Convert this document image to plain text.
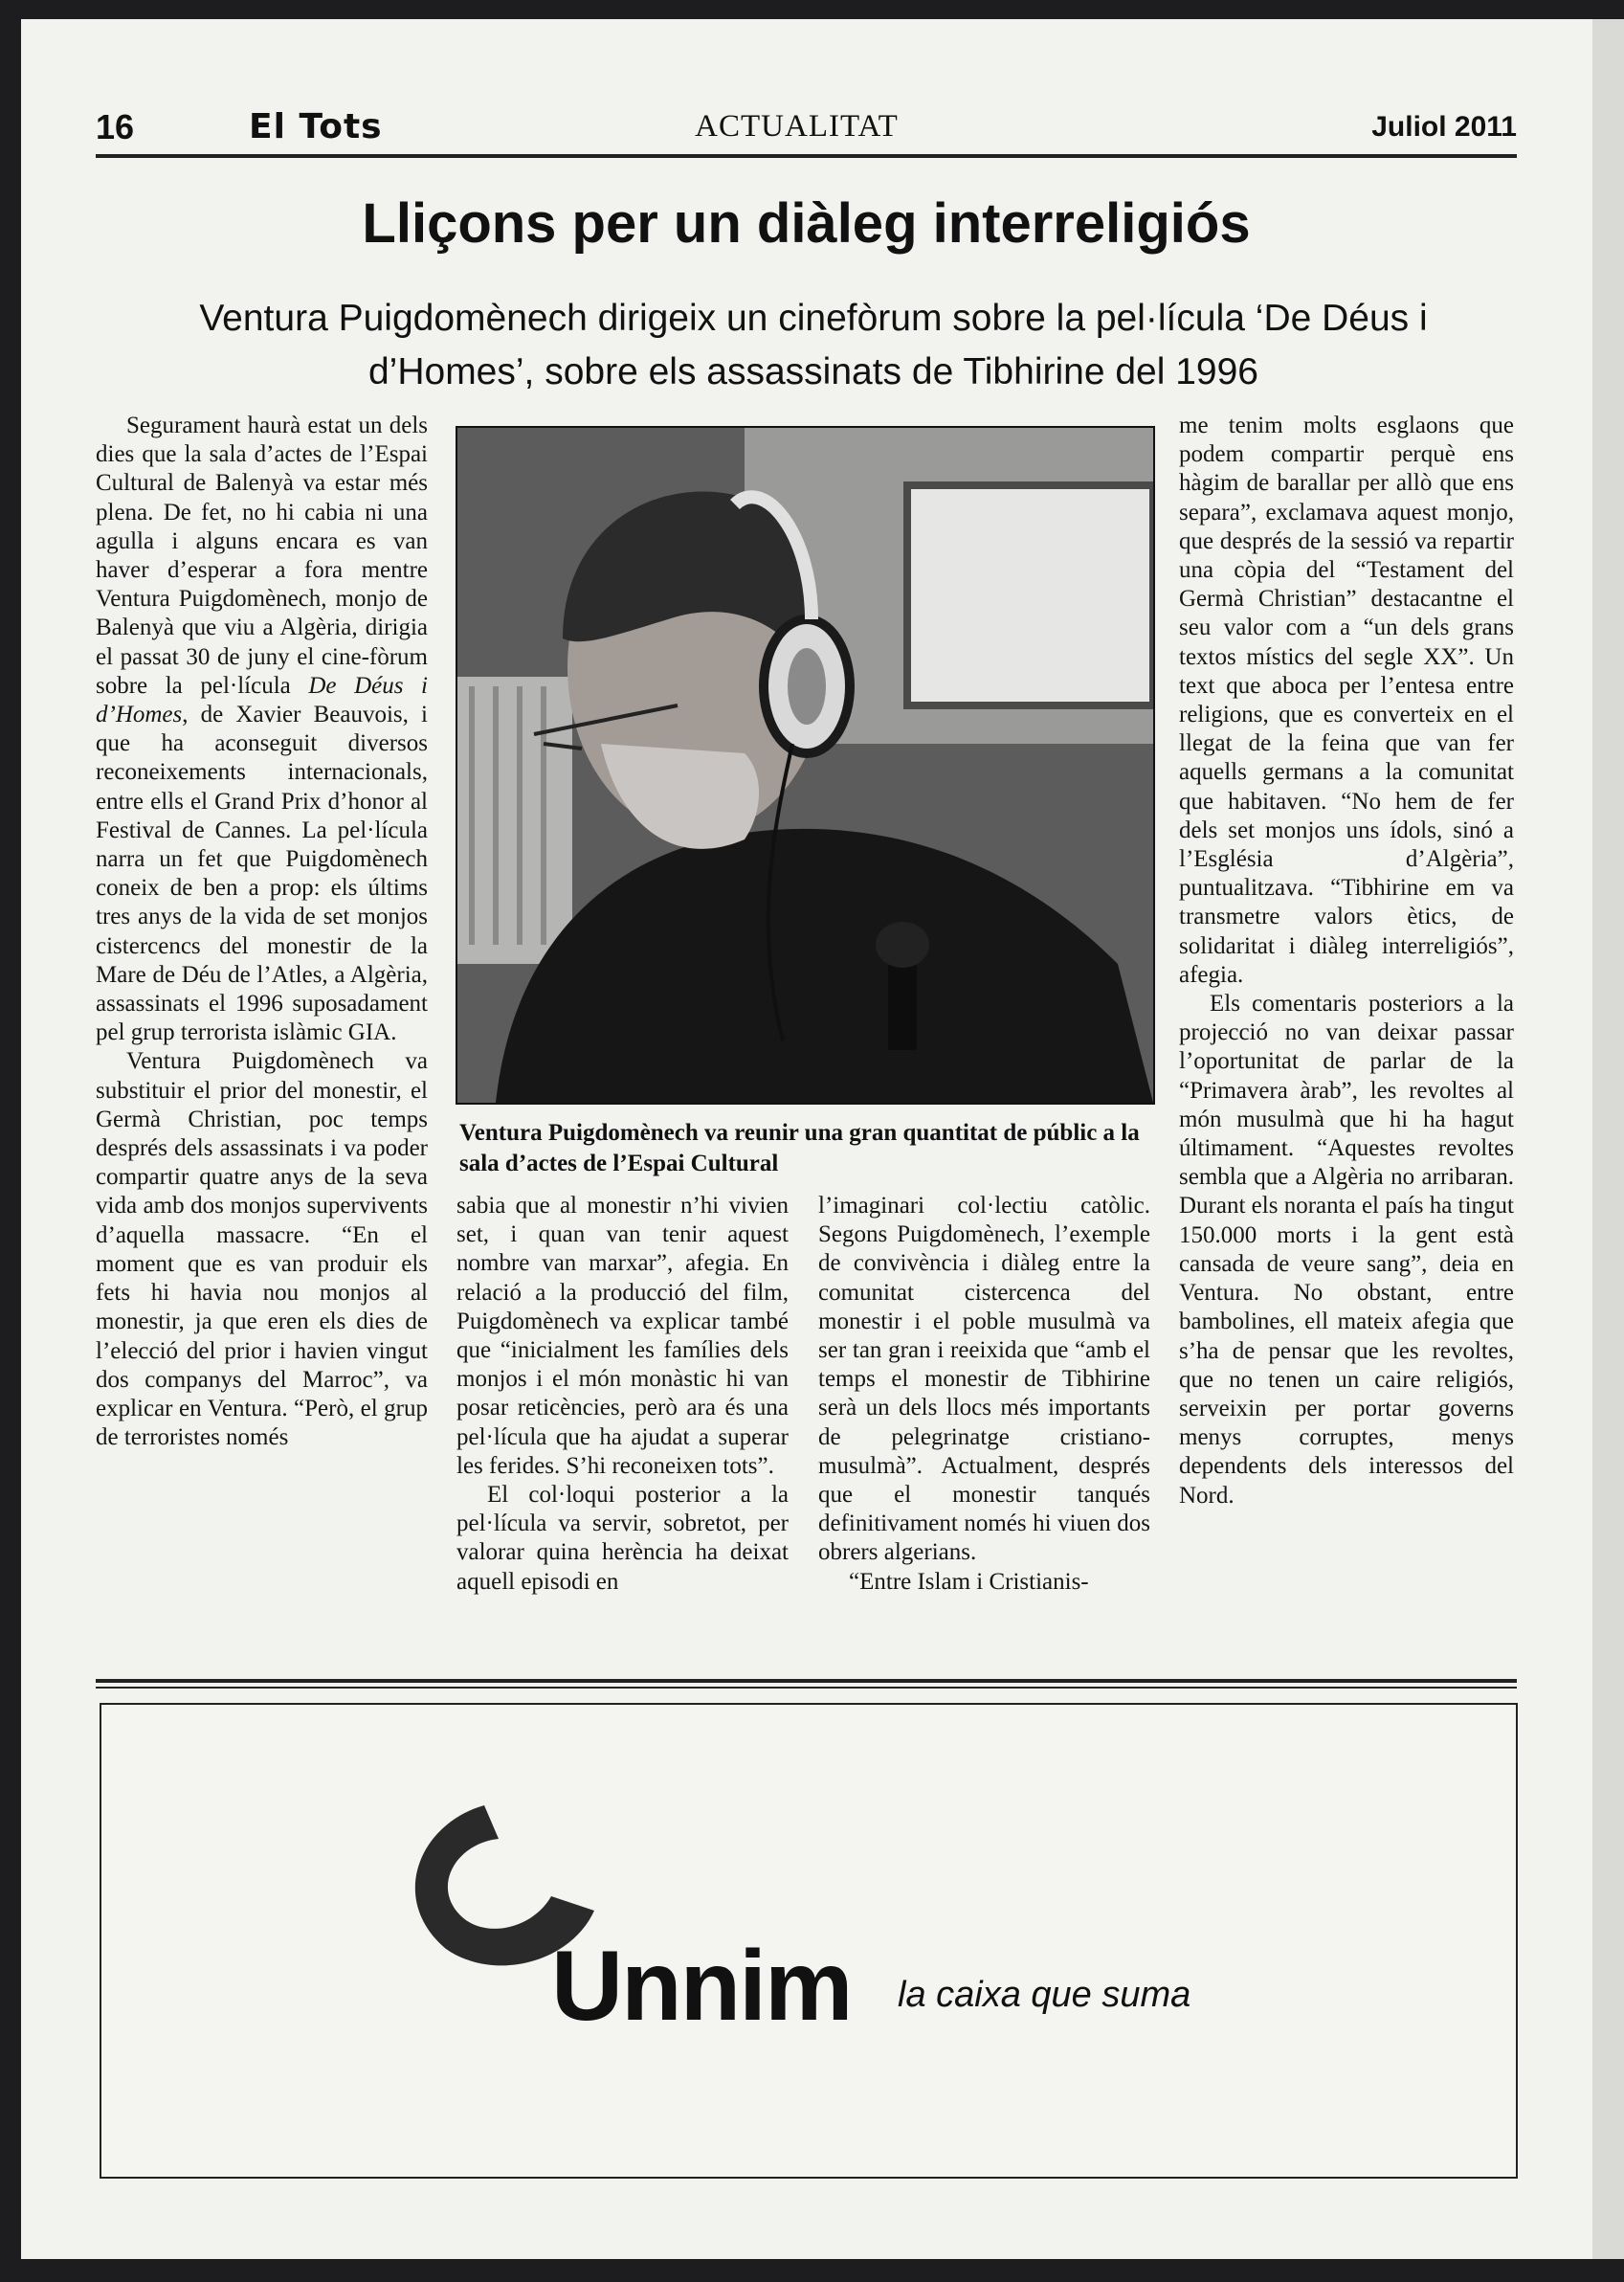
16	El Tots	ACTUALITAT	Juliol 2011
Lliçons per un diàleg interreligiós
Ventura Puigdomènech dirigeix un cinefòrum sobre la pel·lícula ‘De Déus i d’Homes’, sobre els assassinats de Tibhirine del 1996

Segurament haurà estat un dels dies que la sala d’actes de l’Espai Cultural de Balenyà va estar més plena. De fet, no hi cabia ni una agulla i alguns encara es van haver d’esperar a fora mentre Ventura Puigdomènech, monjo de Balenyà que viu a Algèria, dirigia el passat 30 de juny el cine-fòrum sobre la pel·lícula De Déus i d’Homes, de Xavier Beauvois, i que ha aconseguit diversos reconeixements internacionals, entre ells el Grand Prix d’honor al Festival de Cannes. La pel·lícula narra un fet que Puigdomènech coneix de ben a prop: els últims tres anys de la vida de set monjos cistercencs del monestir de la Mare de Déu de l’Atles, a Algèria, assassinats el 1996 suposadament pel grup terrorista islàmic GIA.

Ventura Puigdomènech va substituir el prior del monestir, el Germà Christian, poc temps després dels assassinats i va poder compartir quatre anys de la seva vida amb dos monjos supervivents d’aquella massacre. “En el moment que es van produir els fets hi havia nou monjos al monestir, ja que eren els dies de l’elecció del prior i havien vingut dos companys del Marroc”, va explicar en Ventura. “Però, el grup de terroristes només

Ventura Puigdomènech va reunir una gran quantitat de públic a la sala d’actes de l’Espai Cultural

sabia que al monestir n’hi vivien set, i quan van tenir aquest nombre van marxar”, afegia. En relació a la producció del film, Puigdomènech va explicar també que “inicialment les famílies dels monjos i el món monàstic hi van posar reticències, però ara és una pel·lícula que ha ajudat a superar les ferides. S’hi reconeixen tots”.

El col·loqui posterior a la pel·lícula va servir, sobretot, per valorar quina herència ha deixat aquell episodi en

l’imaginari col·lectiu catòlic. Segons Puigdomènech, l’exemple de convivència i diàleg entre la comunitat cistercenca del monestir i el poble musulmà va ser tan gran i reeixida que “amb el temps el monestir de Tibhirine serà un dels llocs més importants de pelegrinatge cristiano-musulmà”. Actualment, després que el monestir tanqués definitivament només hi viuen dos obrers algerians.

“Entre Islam i Cristianis-

me tenim molts esglaons que podem compartir perquè ens hàgim de barallar per allò que ens separa”, exclamava aquest monjo, que després de la sessió va repartir una còpia del “Testament del Germà Christian” destacantne el seu valor com a “un dels grans textos místics del segle XX”. Un text que aboca per l’entesa entre religions, que es converteix en el llegat de la feina que van fer aquells germans a la comunitat que habitaven. “No hem de fer dels set monjos uns ídols, sinó a l’Església d’Algèria”, puntualitzava. “Tibhirine em va transmetre valors ètics, de solidaritat i diàleg interreligiós”, afegia.

Els comentaris posteriors a la projecció no van deixar passar l’oportunitat de parlar de la “Primavera àrab”, les revoltes al món musulmà que hi ha hagut últimament. “Aquestes revoltes sembla que a Algèria no arribaran. Durant els noranta el país ha tingut 150.000 morts i la gent està cansada de veure sang”, deia en Ventura. No obstant, entre bambolines, ell mateix afegia que s’ha de pensar que les revoltes, que no tenen un caire religiós, serveixin per portar governs menys corruptes, menys dependents dels interessos del Nord.

Unnim la caixa que suma
